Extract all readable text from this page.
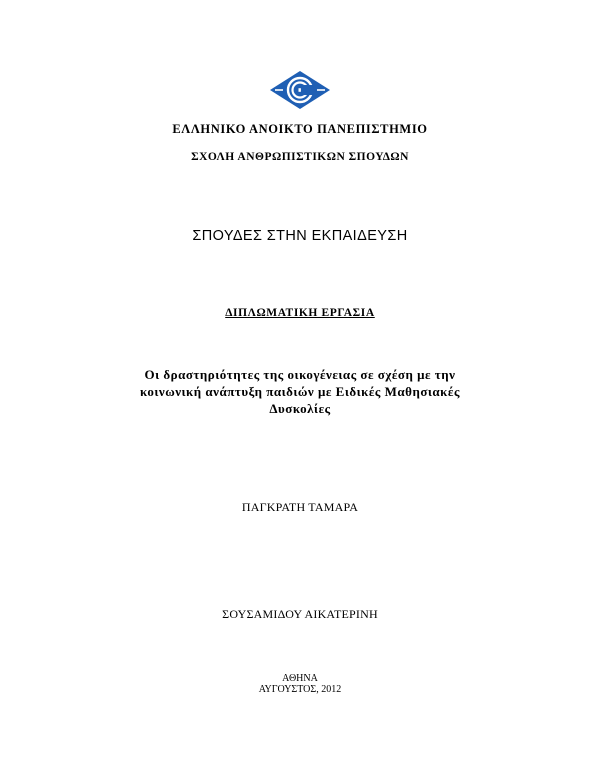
ΕΛΛΗΝΙΚΟ ΑΝΟΙΚΤΟ ΠΑΝΕΠΙΣΤΗΜΙΟ
ΣΧΟΛΗ ΑΝΘΡΩΠΙΣΤΙΚΩΝ ΣΠΟΥΔΩΝ
ΣΠΟΥΔΕΣ ΣΤΗΝ ΕΚΠΑΙΔΕΥΣΗ
ΔΙΠΛΩΜΑΤΙΚΗ ΕΡΓΑΣΙΑ
Οι δραστηριότητες της οικογένειας σε σχέση με την
κοινωνική ανάπτυξη παιδιών με Ειδικές Μαθησιακές
Δυσκολίες
ΠΑΓΚΡΑΤΗ ΤΑΜΑΡΑ
ΣΟΥΣΑΜΙΔΟΥ ΑΙΚΑΤΕΡΙΝΗ
ΑΘΗΝΑ
ΑΥΓΟΥΣΤΟΣ, 2012
